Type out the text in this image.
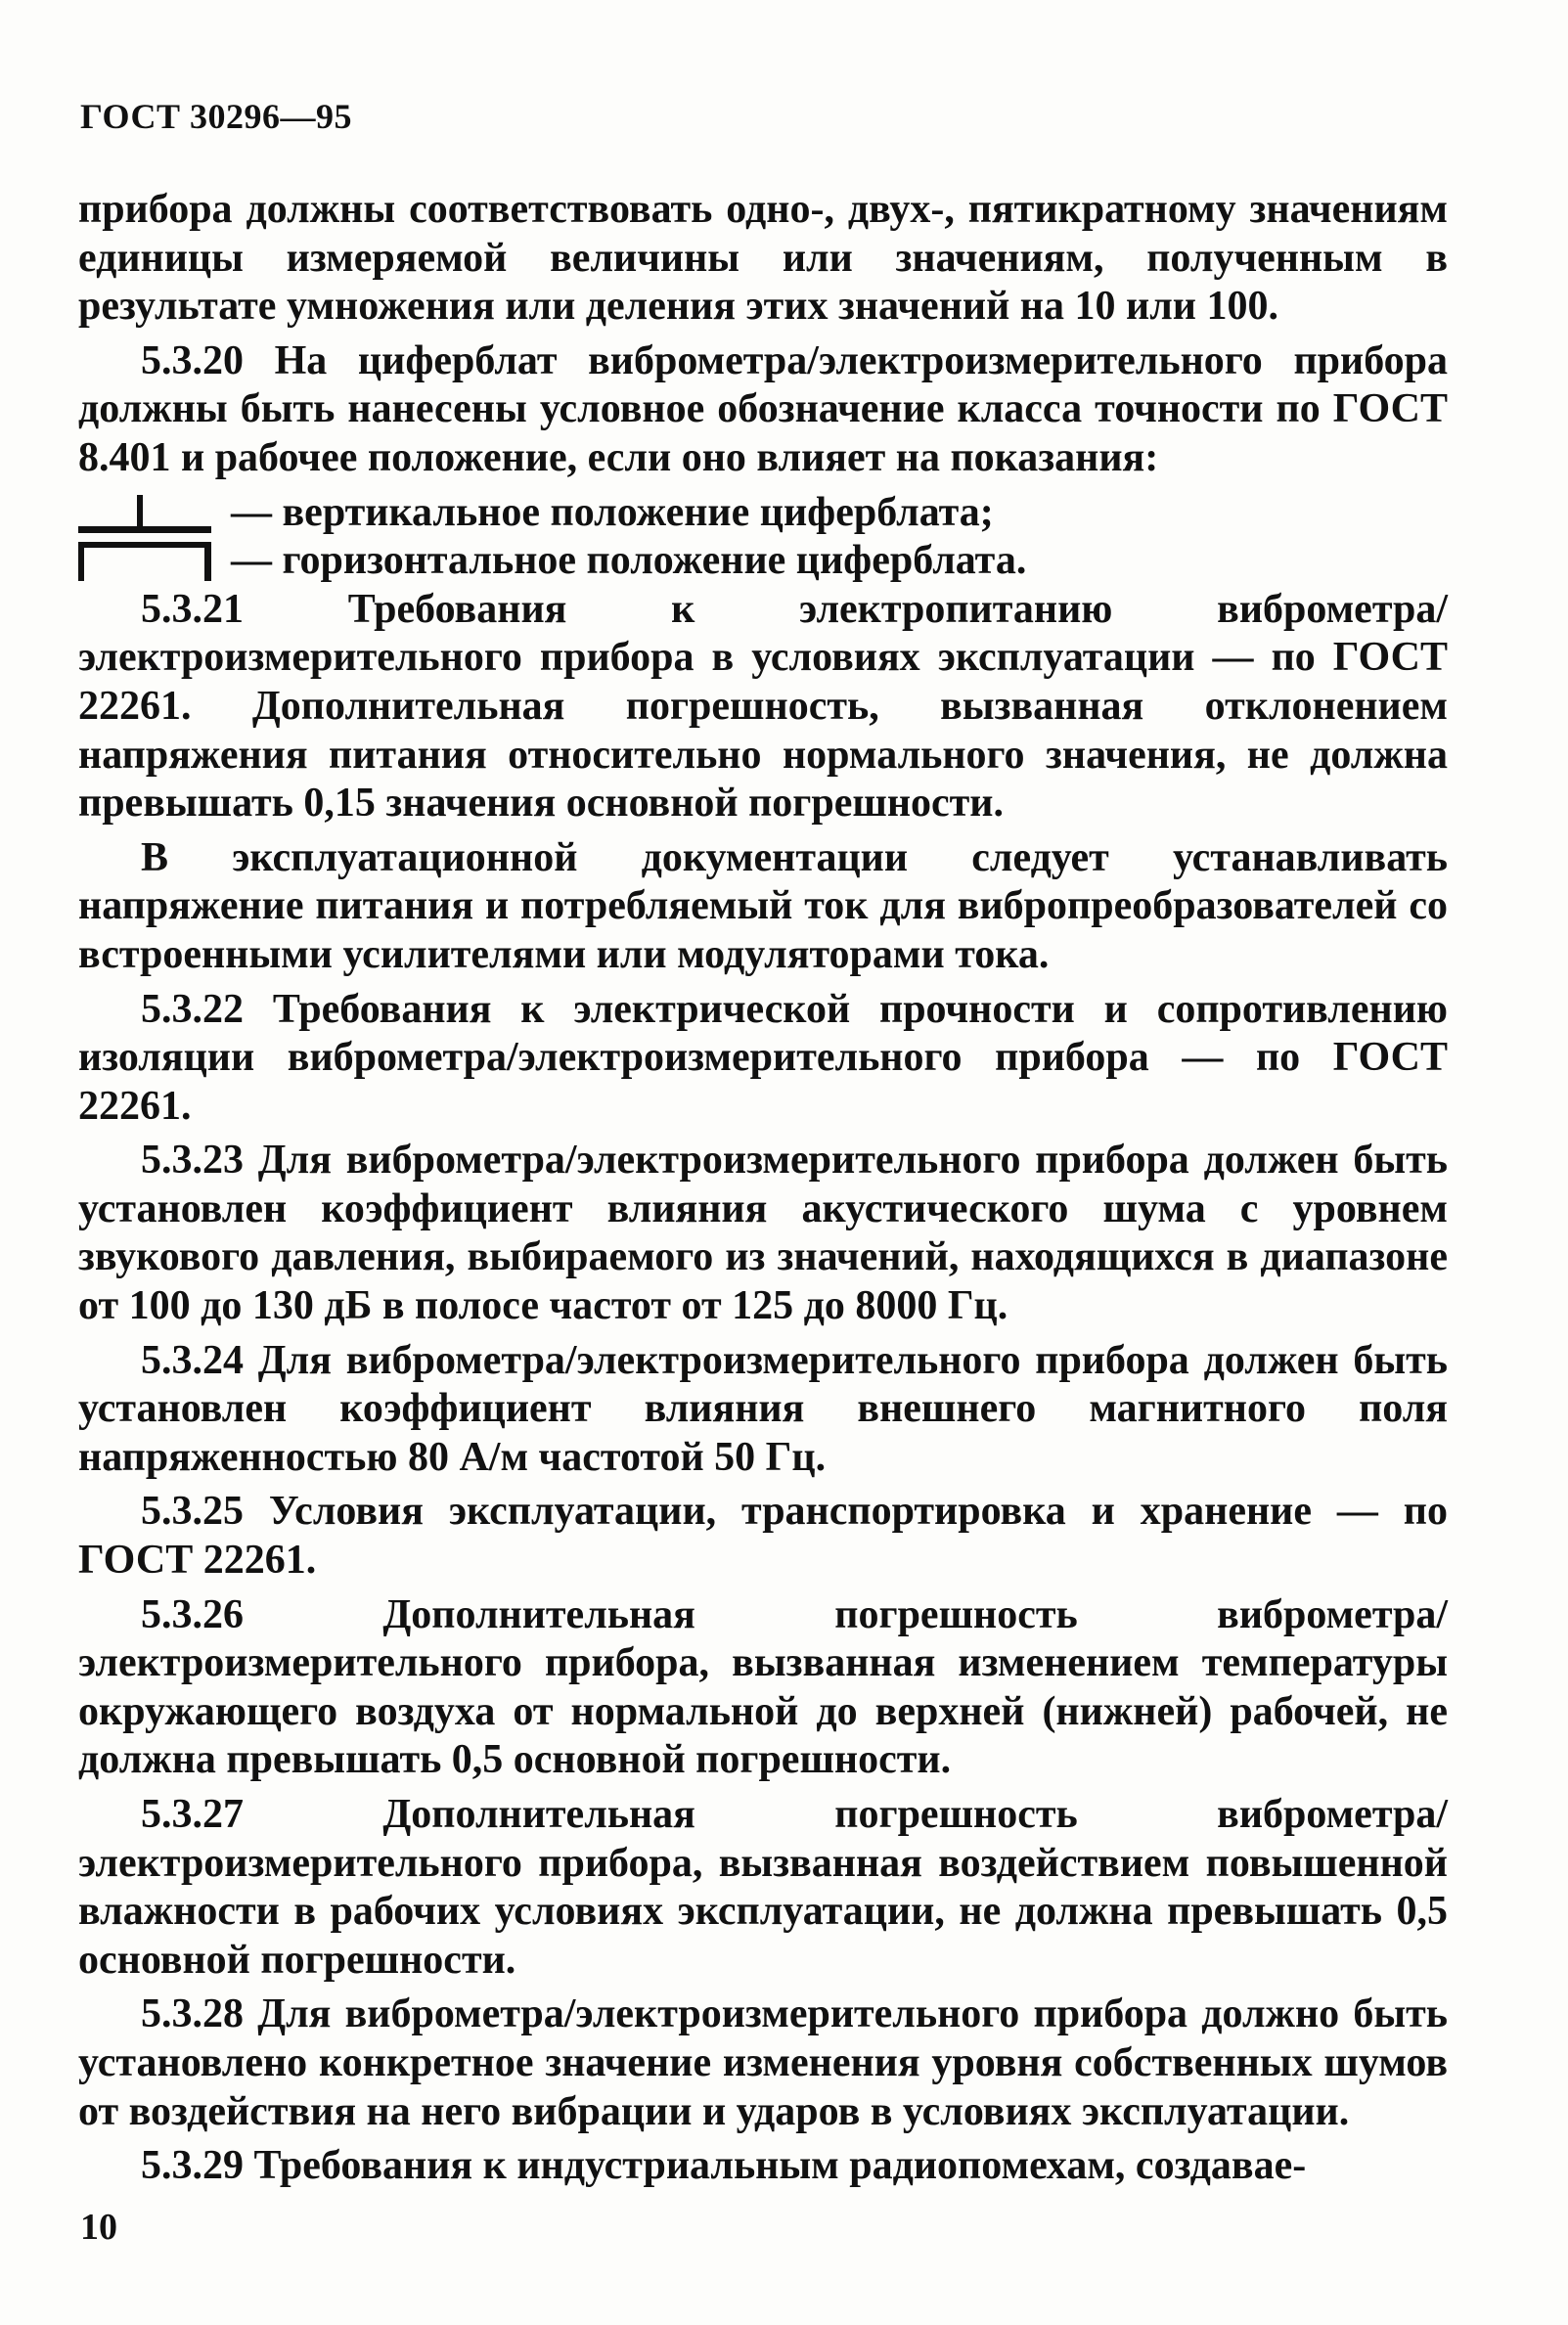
ГОСТ 30296—95

прибора должны соответствовать одно-, двух-, пятикратному значениям единицы измеряемой величины или значениям, полученным в результате умножения или деления этих значений на 10 или 100.

5.3.20 На циферблат виброметра/электроизмерительного прибора должны быть нанесены условное обозначение класса точности по ГОСТ 8.401 и рабочее положение, если оно влияет на показания:

— вертикальное положение циферблата;
— горизонтальное положение циферблата.

5.3.21 Требования к электропитанию виброметра/электроизмерительного прибора в условиях эксплуатации — по ГОСТ 22261. Дополнительная погрешность, вызванная отклонением напряжения питания относительно нормального значения, не должна превышать 0,15 значения основной погрешности.

В эксплуатационной документации следует устанавливать напряжение питания и потребляемый ток для вибропреобразователей со встроенными усилителями или модуляторами тока.

5.3.22 Требования к электрической прочности и сопротивлению изоляции виброметра/электроизмерительного прибора — по ГОСТ 22261.

5.3.23 Для виброметра/электроизмерительного прибора должен быть установлен коэффициент влияния акустического шума с уровнем звукового давления, выбираемого из значений, находящихся в диапазоне от 100 до 130 дБ в полосе частот от 125 до 8000 Гц.

5.3.24 Для виброметра/электроизмерительного прибора должен быть установлен коэффициент влияния внешнего магнитного поля напряженностью 80 А/м частотой 50 Гц.

5.3.25 Условия эксплуатации, транспортировка и хранение — по ГОСТ 22261.

5.3.26 Дополнительная погрешность виброметра/электроизмерительного прибора, вызванная изменением температуры окружающего воздуха от нормальной до верхней (нижней) рабочей, не должна превышать 0,5 основной погрешности.

5.3.27 Дополнительная погрешность виброметра/электроизмерительного прибора, вызванная воздействием повышенной влажности в рабочих условиях эксплуатации, не должна превышать 0,5 основной погрешности.

5.3.28 Для виброметра/электроизмерительного прибора должно быть установлено конкретное значение изменения уровня собственных шумов от воздействия на него вибрации и ударов в условиях эксплуатации.

5.3.29 Требования к индустриальным радиопомехам, создавае-

10
